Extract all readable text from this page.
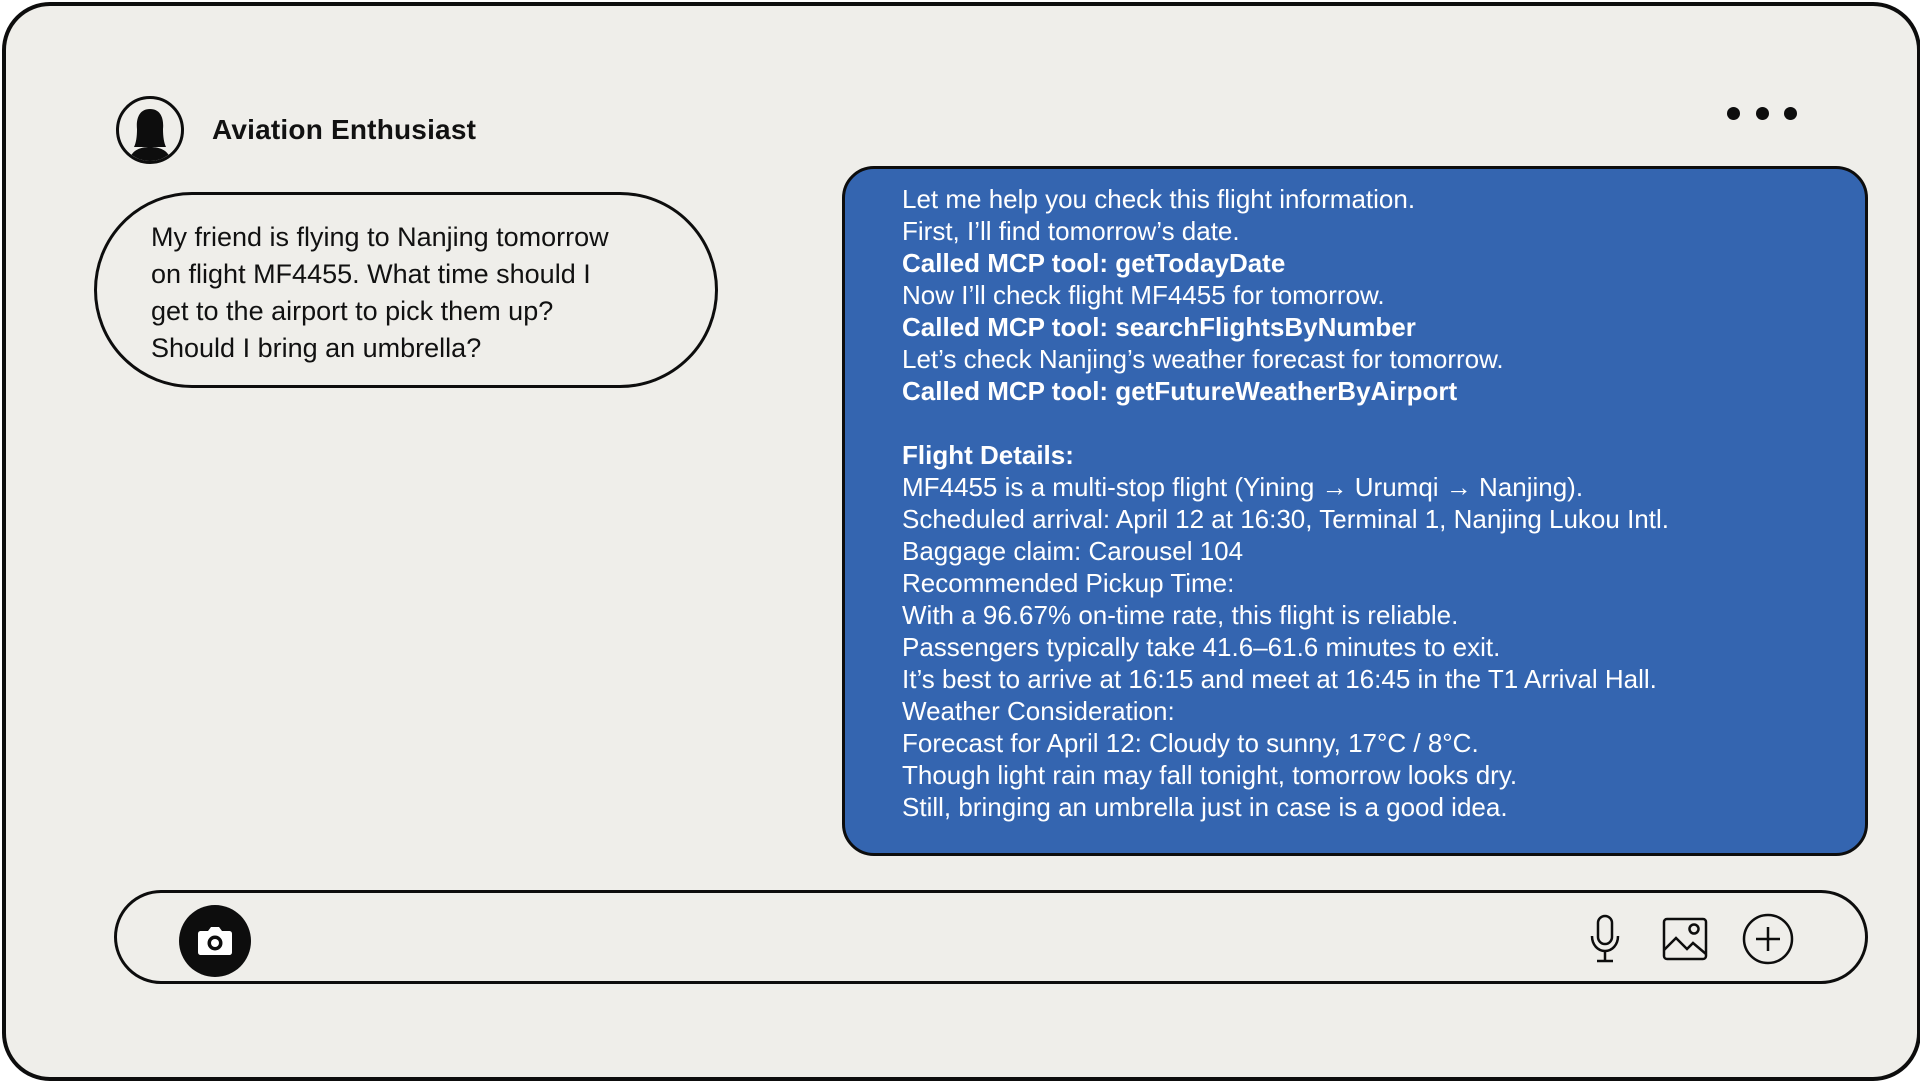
Aviation Enthusiast
My friend is flying to Nanjing tomorrow
on flight MF4455. What time should I
get to the airport to pick them up?
Should I bring an umbrella?
Let me help you check this flight information.
First, I’ll find tomorrow’s date.
Called MCP tool: getTodayDate
Now I’ll check flight MF4455 for tomorrow.
Called MCP tool: searchFlightsByNumber
Let’s check Nanjing’s weather forecast for tomorrow.
Called MCP tool: getFutureWeatherByAirport
Flight Details:
MF4455 is a multi-stop flight (Yining → Urumqi → Nanjing).
Scheduled arrival: April 12 at 16:30, Terminal 1, Nanjing Lukou Intl.
Baggage claim: Carousel 104
Recommended Pickup Time:
With a 96.67% on-time rate, this flight is reliable.
Passengers typically take 41.6–61.6 minutes to exit.
It’s best to arrive at 16:15 and meet at 16:45 in the T1 Arrival Hall.
Weather Consideration:
Forecast for April 12: Cloudy to sunny, 17°C / 8°C.
Though light rain may fall tonight, tomorrow looks dry.
Still, bringing an umbrella just in case is a good idea.
